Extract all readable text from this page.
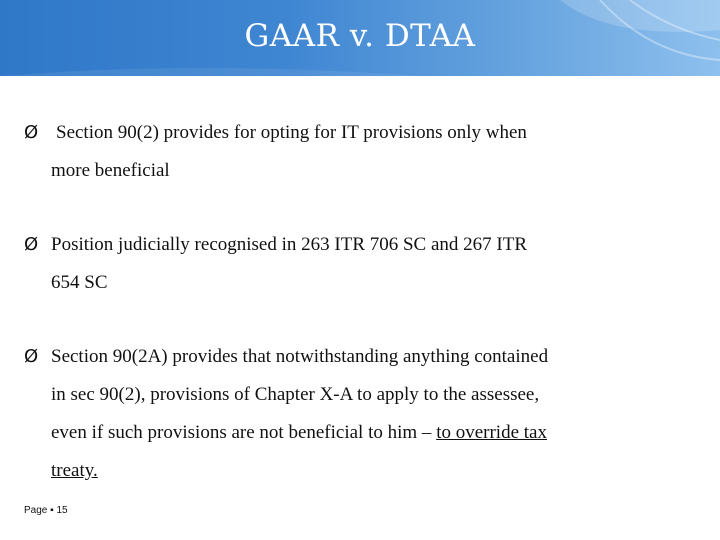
GAAR v. DTAA
Ø Section 90(2) provides for opting for IT provisions only when
more beneficial
Ø Position judicially recognised in 263 ITR 706 SC and 267 ITR
654 SC
Ø Section 90(2A) provides that notwithstanding anything contained
in sec 90(2), provisions of Chapter X-A to apply to the assessee,
even if such provisions are not beneficial to him – to override tax
treaty.
Page ▪ 15
